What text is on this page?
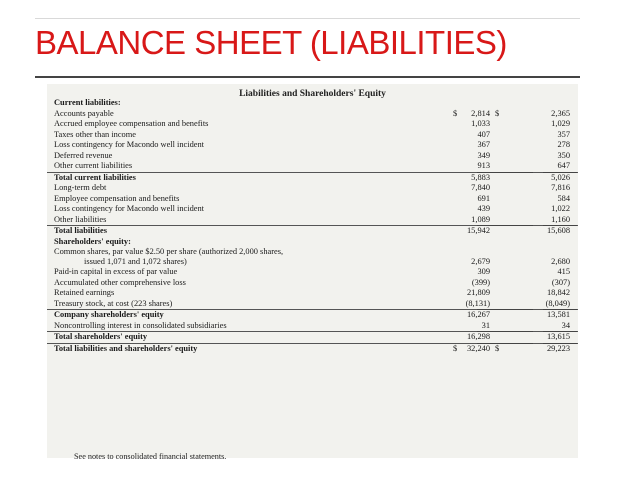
BALANCE SHEET (LIABILITIES)
Liabilities and Shareholders' Equity
Current liabilities:
Accounts payable	$ 2,814 $	2,365
Accrued employee compensation and benefits	1,033	1,029
Taxes other than income	407	357
Loss contingency for Macondo well incident	367	278
Deferred revenue	349	350
Other current liabilities	913	647
Total current liabilities	5,883	5,026
Long-term debt	7,840	7,816
Employee compensation and benefits	691	584
Loss contingency for Macondo well incident	439	1,022
Other liabilities	1,089	1,160
Total liabilities	15,942	15,608
Shareholders' equity:
Common shares, par value $2.50 per share (authorized 2,000 shares,
issued 1,071 and 1,072 shares)	2,679	2,680
Paid-in capital in excess of par value	309	415
Accumulated other comprehensive loss	(399)	(307)
Retained earnings	21,809	18,842
Treasury stock, at cost (223 shares)	(8,131)	(8,049)
Company shareholders' equity	16,267	13,581
Noncontrolling interest in consolidated subsidiaries	31	34
Total shareholders' equity	16,298	13,615
Total liabilities and shareholders' equity	$ 32,240 $	29,223
See notes to consolidated financial statements.
